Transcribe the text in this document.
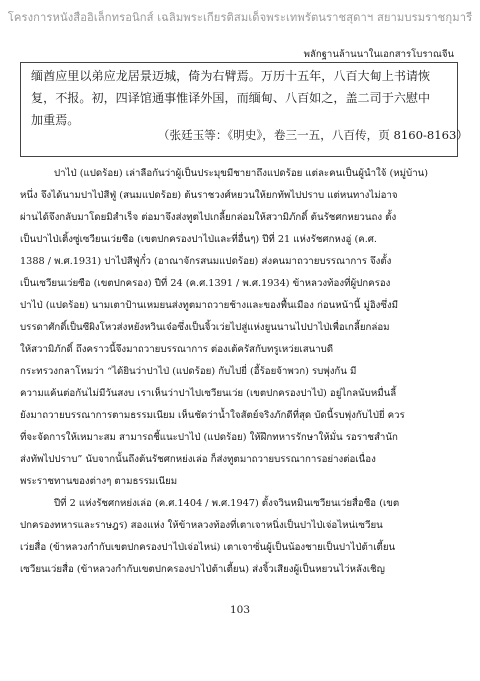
โครงการหนังสืออิเล็กทรอนิกส์ เฉลิมพระเกียรติสมเด็จพระเทพรัตนราชสุดาฯ สยามบรมราชกุมารี
พลักฐานล้านนาในเอกสารโบราณจีน
缅酋应里以弟应龙居景迈城，倚为右臂焉。万历十五年，八百大甸上书请恢
复，不报。初，四译馆通事惟译外国，而缅甸、八百如之，盖二司于六慰中
加重焉。
（张廷玉等：《明史》，卷三一五，八百传，页 8160-8163）
ปาไป่ (แปดร้อย) เล่าลือกันว่าผู้เป็นประมุขมีชายาถึงแปดร้อย แต่ละคนเป็นผู้นำใจ้ (หมู่บ้าน)
หนึ่ง จึงได้นามปาไป่สีฟู่ (สนมแปดร้อย) ต้นราชวงศ์หยวนให้ยกทัพไปปราบ แต่หนทางไม่อาจ
ผ่านได้จึงกลับมาโดยมิสำเร็จ ต่อมาจึงส่งทูตไปเกลี้ยกล่อมให้สวามิภักดิ์ ต้นรัชศกหยวนถง ตั้ง
เป็นปาไป่เติ้งซู่เซวียนเว่ยซือ (เขตปกครองปาไป่และที่อื่นๆ) ปีที่ 21 แห่งรัชศกหงอู่ (ค.ศ.
1388 / พ.ศ.1931) ปาไป่สีฟู่กั๋ว (อาณาจักรสนมแปดร้อย) ส่งคนมาถวายบรรณาการ จึงตั้ง
เป็นเซวียนเว่ยซือ (เขตปกครอง) ปีที่ 24 (ค.ศ.1391 / พ.ศ.1934) ข้าหลวงท้องที่ผู้ปกครอง
ปาไป่ (แปดร้อย) นามเตาป้านเหมยนส่งทูตมาถวายช้างและของพื้นเมือง ก่อนหน้านี้ มู่อิงซึ่งมี
บรรดาศักดิ์เป็นซีผิงโหวส่งหยังหวินเจ๋อซึ่งเป็นจิ้วเว่ยไปสู่แห่งยูนนานไปปาไป่เพื่อเกลี้ยกล่อม
ให้สวามิภักดิ์ ถึงคราวนี้จึงมาถวายบรรณาการ ต่องเต้ครัสกับทรูเหว่ยเสนาบดี
กระทรวงกลาโหมว่า “ได้ยินว่าปาไป่ (แปดร้อย) กับไปยี่ (อี้ร้อยจ้าพวก) รบพุ่งกัน มี
ความแค้นต่อกันไม่มีวันสงบ เราเห็นว่าปาไปเซวียนเว่ย (เขตปกครองปาไป่) อยู่ไกลนับหมื่นลี้
ยังมาถวายบรรณาการตามธรรมเนียม เห็นชัดว่าน้ำใจสัตย์จริงภักดีที่สุด บัดนี้รบพุ่งกับไป่ยี่ ควร
ที่จะจัดการให้เหมาะสม สามารถชี้แนะปาไป่ (แปดร้อย) ให้ฝึกทหารรักษาให้มั่น รอราชสำนัก
ส่งทัพไปปราบ” นับจากนั้นถึงต้นรัชศกหย่งเล่อ ก็ส่งทูตมาถวายบรรณาการอย่างต่อเนื่อง
พระราชทานของต่างๆ ตามธรรมเนียม
ปีที่ 2 แห่งรัชศกหย่งเล่อ (ค.ศ.1404 / พ.ศ.1947) ตั้งจวินหมินเซวียนเว่ยสื่อซือ (เขต
ปกครองทหารและราษฎร) สองแห่ง ให้ข้าหลวงท้องที่เตาเจาหนิ่งเป็นปาไป่เจ่อไหน่เซวียน
เว่ยสื่อ (ข้าหลวงกำกับเขตปกครองปาไป่เจ่อไหน่) เตาเจาซั่นผู้เป็นน้องชายเป็นปาไป่ต้าเตี้ยน
เซวียนเว่ยสื่อ (ข้าหลวงกำกับเขตปกครองปาไป่ต้าเตี้ยน) ส่งจิ้วเสียงผู้เป็นหยวนไว่หลังเชิญ
103
